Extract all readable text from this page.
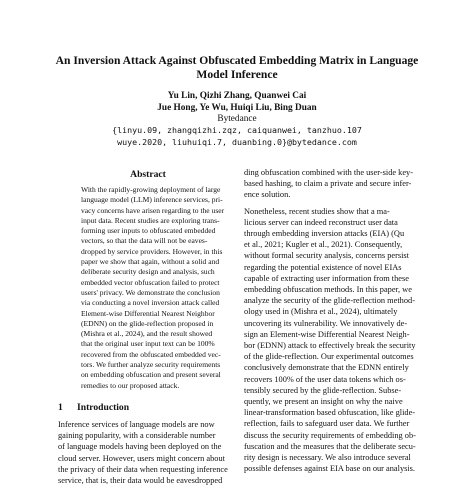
An Inversion Attack Against Obfuscated Embedding Matrix in Language
Model Inference
Yu Lin, Qizhi Zhang, Quanwei Cai
Jue Hong, Ye Wu, Huiqi Liu, Bing Duan
Bytedance
{linyu.09, zhangqizhi.zqz, caiquanwei, tanzhuo.107
wuye.2020, liuhuiqi.7, duanbing.0}@bytedance.com
Abstract
With the rapidly-growing deployment of large
language model (LLM) inference services, pri-
vacy concerns have arisen regarding to the user
input data. Recent studies are exploring trans-
forming user inputs to obfuscated embedded
vectors, so that the data will not be eaves-
dropped by service providers. However, in this
paper we show that again, without a solid and
deliberate security design and analysis, such
embedded vector obfuscation failed to protect
users' privacy. We demonstrate the conclusion
via conducting a novel inversion attack called
Element-wise Differential Nearest Neighbor
(EDNN) on the glide-reflection proposed in
(Mishra et al., 2024), and the result showed
that the original user input text can be 100%
recovered from the obfuscated embedded vec-
tors. We further analyze security requirements
on embedding obfuscation and present several
remedies to our proposed attack.
1 Introduction
Inference services of language models are now
gaining popularity, with a considerable number
of language models having been deployed on the
cloud server. However, users might concern about
the privacy of their data when requesting inference
service, that is, their data would be eavesdropped
ding obfuscation combined with the user-side key-
based hashing, to claim a private and secure infer-
ence solution.
Nonetheless, recent studies show that a ma-
licious server can indeed reconstruct user data
through embedding inversion attacks (EIA) (Qu
et al., 2021; Kugler et al., 2021). Consequently,
without formal security analysis, concerns persist
regarding the potential existence of novel EIAs
capable of extracting user information from these
embedding obfuscation methods. In this paper, we
analyze the security of the glide-reflection method-
ology used in (Mishra et al., 2024), ultimately
uncovering its vulnerability. We innovatively de-
sign an Element-wise Differential Nearest Neigh-
bor (EDNN) attack to effectively break the security
of the glide-reflection. Our experimental outcomes
conclusively demonstrate that the EDNN entirely
recovers 100% of the user data tokens which os-
tensibly secured by the glide-reflection. Subse-
quently, we present an insight on why the naive
linear-transformation based obfuscation, like glide-
reflection, fails to safeguard user data. We further
discuss the security requirements of embedding ob-
fuscation and the measures that the deliberate secu-
rity design is necessary. We also introduce several
possible defenses against EIA base on our analysis.
